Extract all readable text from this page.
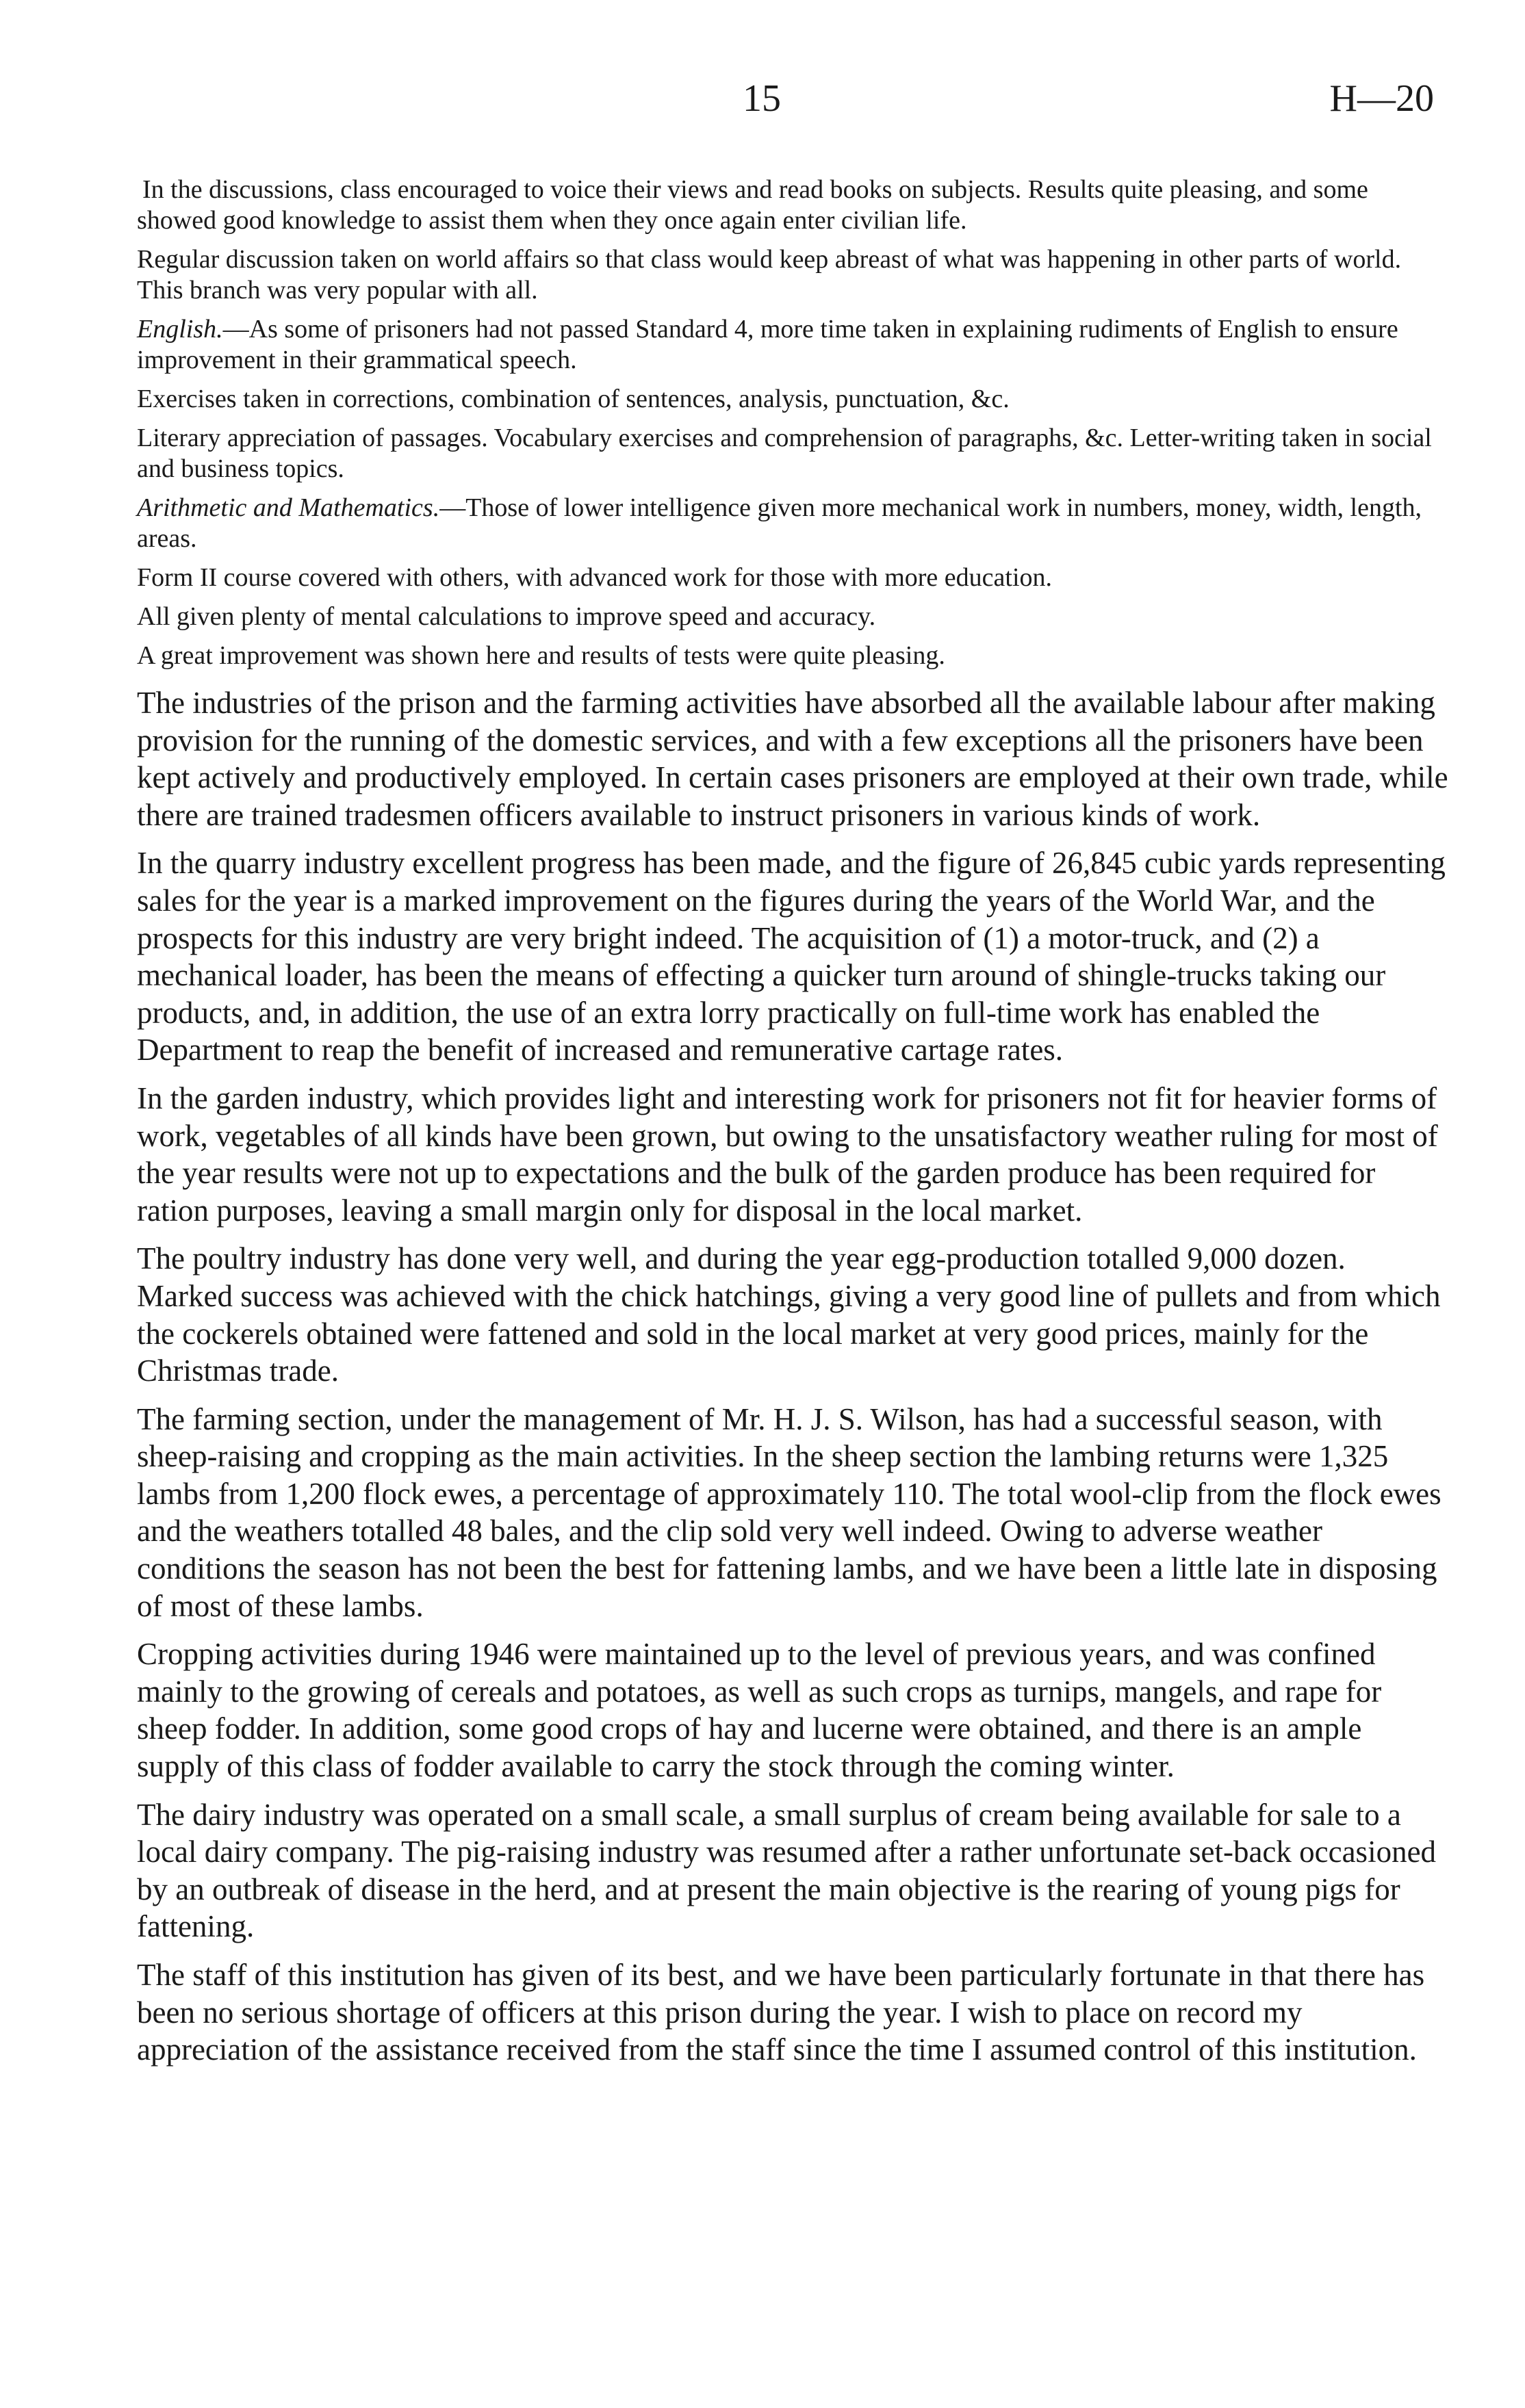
15	H—20

In the discussions, class encouraged to voice their views and read books on subjects. Results quite pleasing, and some showed good knowledge to assist them when they once again enter civilian life.

Regular discussion taken on world affairs so that class would keep abreast of what was happening in other parts of world. This branch was very popular with all.

English.—As some of prisoners had not passed Standard 4, more time taken in explaining rudiments of English to ensure improvement in their grammatical speech.

Exercises taken in corrections, combination of sentences, analysis, punctuation, &c.

Literary appreciation of passages. Vocabulary exercises and comprehension of paragraphs, &c. Letter-writing taken in social and business topics.

Arithmetic and Mathematics.—Those of lower intelligence given more mechanical work in numbers, money, width, length, areas.

Form II course covered with others, with advanced work for those with more education.

All given plenty of mental calculations to improve speed and accuracy.

A great improvement was shown here and results of tests were quite pleasing.

The industries of the prison and the farming activities have absorbed all the available labour after making provision for the running of the domestic services, and with a few exceptions all the prisoners have been kept actively and productively employed. In certain cases prisoners are employed at their own trade, while there are trained tradesmen officers available to instruct prisoners in various kinds of work.

In the quarry industry excellent progress has been made, and the figure of 26,845 cubic yards representing sales for the year is a marked improvement on the figures during the years of the World War, and the prospects for this industry are very bright indeed. The acquisition of (1) a motor-truck, and (2) a mechanical loader, has been the means of effecting a quicker turn around of shingle-trucks taking our products, and, in addition, the use of an extra lorry practically on full-time work has enabled the Department to reap the benefit of increased and remunerative cartage rates.

In the garden industry, which provides light and interesting work for prisoners not fit for heavier forms of work, vegetables of all kinds have been grown, but owing to the unsatisfactory weather ruling for most of the year results were not up to expectations and the bulk of the garden produce has been required for ration purposes, leaving a small margin only for disposal in the local market.

The poultry industry has done very well, and during the year egg-production totalled 9,000 dozen. Marked success was achieved with the chick hatchings, giving a very good line of pullets and from which the cockerels obtained were fattened and sold in the local market at very good prices, mainly for the Christmas trade.

The farming section, under the management of Mr. H. J. S. Wilson, has had a successful season, with sheep-raising and cropping as the main activities. In the sheep section the lambing returns were 1,325 lambs from 1,200 flock ewes, a percentage of approximately 110. The total wool-clip from the flock ewes and the weathers totalled 48 bales, and the clip sold very well indeed. Owing to adverse weather conditions the season has not been the best for fattening lambs, and we have been a little late in disposing of most of these lambs.

Cropping activities during 1946 were maintained up to the level of previous years, and was confined mainly to the growing of cereals and potatoes, as well as such crops as turnips, mangels, and rape for sheep fodder. In addition, some good crops of hay and lucerne were obtained, and there is an ample supply of this class of fodder available to carry the stock through the coming winter.

The dairy industry was operated on a small scale, a small surplus of cream being available for sale to a local dairy company. The pig-raising industry was resumed after a rather unfortunate set-back occasioned by an outbreak of disease in the herd, and at present the main objective is the rearing of young pigs for fattening.

The staff of this institution has given of its best, and we have been particularly fortunate in that there has been no serious shortage of officers at this prison during the year. I wish to place on record my appreciation of the assistance received from the staff since the time I assumed control of this institution.
